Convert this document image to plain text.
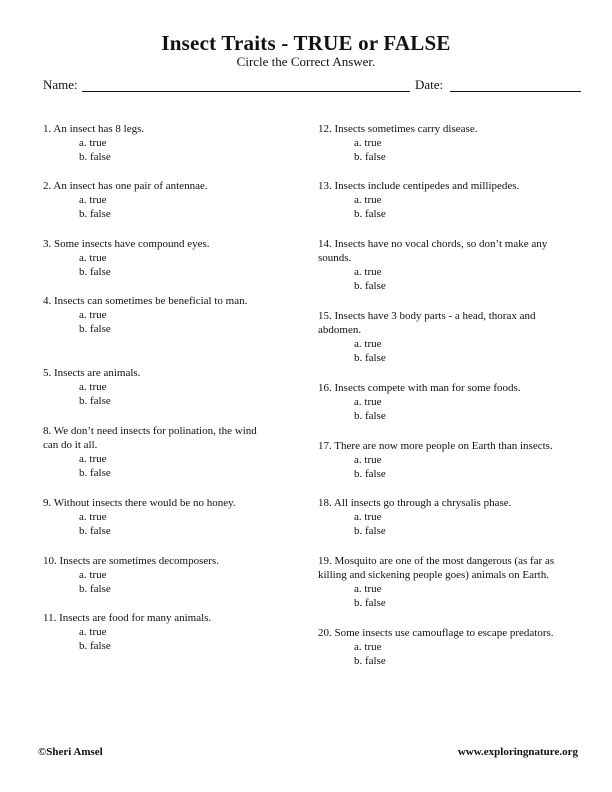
Insect Traits - TRUE or FALSE
Circle the Correct Answer.
Name:	Date:
1. An insect has 8 legs.
a. true
b. false
2. An insect has one pair of antennae.
a. true
b. false
3. Some insects have compound eyes.
a. true
b. false
4. Insects can sometimes be beneficial to man.
a. true
b. false
5. Insects are animals.
a. true
b. false
8. We don’t need insects for polination, the wind can do it all.
a. true
b. false
9. Without insects there would be no honey.
a. true
b. false
10. Insects are sometimes decomposers.
a. true
b. false
11. Insects are food for many animals.
a. true
b. false
12. Insects sometimes carry disease.
a. true
b. false
13. Insects include centipedes and millipedes.
a. true
b. false
14. Insects have no vocal chords, so don’t make any sounds.
a. true
b. false
15. Insects have 3 body parts - a head, thorax and abdomen.
a. true
b. false
16. Insects compete with man for some foods.
a. true
b. false
17. There are now more people on Earth than insects.
a. true
b. false
18. All insects go through a chrysalis phase.
a. true
b. false
19. Mosquito are one of the most dangerous (as far as killing and sickening people goes) animals on Earth.
a. true
b. false
20. Some insects use camouflage to escape predators.
a. true
b. false
©Sheri Amsel	www.exploringnature.org
